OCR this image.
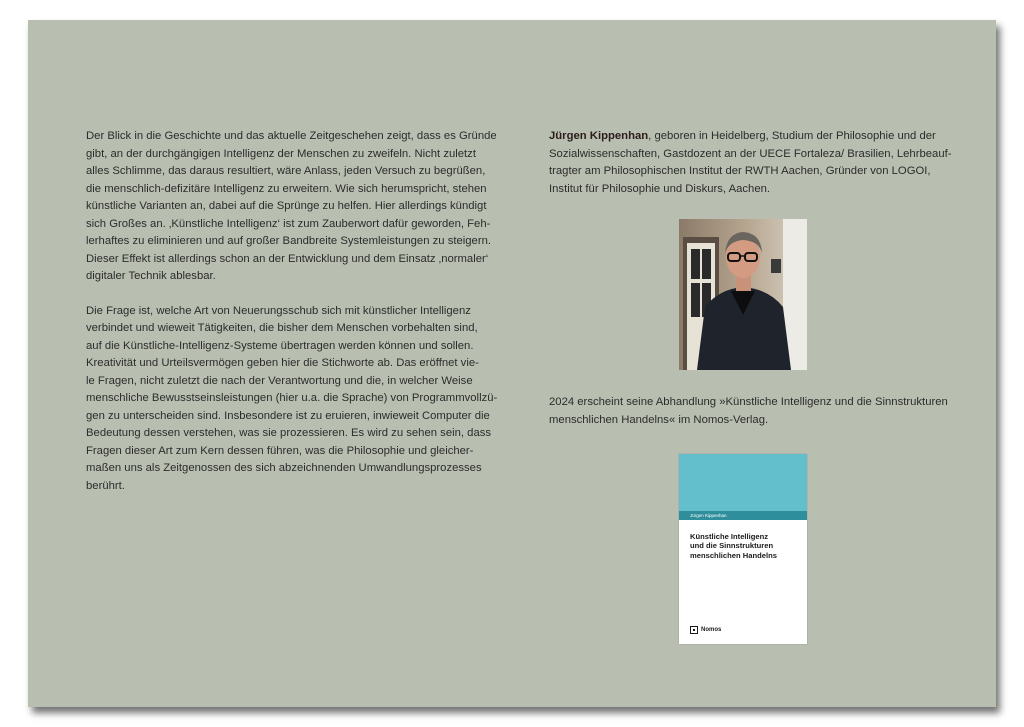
Der Blick in die Geschichte und das aktuelle Zeitgeschehen zeigt, dass es Gründe
gibt, an der durchgängigen Intelligenz der Menschen zu zweifeln. Nicht zuletzt
alles Schlimme, das daraus resultiert, wäre Anlass, jeden Versuch zu begrüßen,
die menschlich-defizitäre Intelligenz zu erweitern. Wie sich herumspricht, stehen
künstliche Varianten an, dabei auf die Sprünge zu helfen. Hier allerdings kündigt
sich Großes an. ‚Künstliche Intelligenz‘ ist zum Zauberwort dafür geworden, Feh-
lerhaftes zu eliminieren und auf großer Bandbreite Systemleistungen zu steigern.
Dieser Effekt ist allerdings schon an der Entwicklung und dem Einsatz ‚normaler‘
digitaler Technik ablesbar.

Die Frage ist, welche Art von Neuerungsschub sich mit künstlicher Intelligenz
verbindet und wieweit Tätigkeiten, die bisher dem Menschen vorbehalten sind,
auf die Künstliche-Intelligenz-Systeme übertragen werden können und sollen.
Kreativität und Urteilsvermögen geben hier die Stichworte ab. Das eröffnet vie-
le Fragen, nicht zuletzt die nach der Verantwortung und die, in welcher Weise
menschliche Bewusstseinsleistungen (hier u.a. die Sprache) von Programmvollzü-
gen zu unterscheiden sind. Insbesondere ist zu eruieren, inwieweit Computer die
Bedeutung dessen verstehen, was sie prozessieren. Es wird zu sehen sein, dass
Fragen dieser Art zum Kern dessen führen, was die Philosophie und gleicher-
maßen uns als Zeitgenossen des sich abzeichnenden Umwandlungsprozesses
berührt.

Jürgen Kippenhan, geboren in Heidelberg, Studium der Philosophie und der
Sozialwissenschaften, Gastdozent an der UECE Fortaleza/ Brasilien, Lehrbeauf-
tragter am Philosophischen Institut der RWTH Aachen, Gründer von LOGOI,
Institut für Philosophie und Diskurs, Aachen.

2024 erscheint seine Abhandlung »Künstliche Intelligenz und die Sinnstrukturen
menschlichen Handelns« im Nomos-Verlag.

Jürgen Kippenhan
Künstliche Intelligenz
und die Sinnstrukturen
menschlichen Handelns
Nomos
